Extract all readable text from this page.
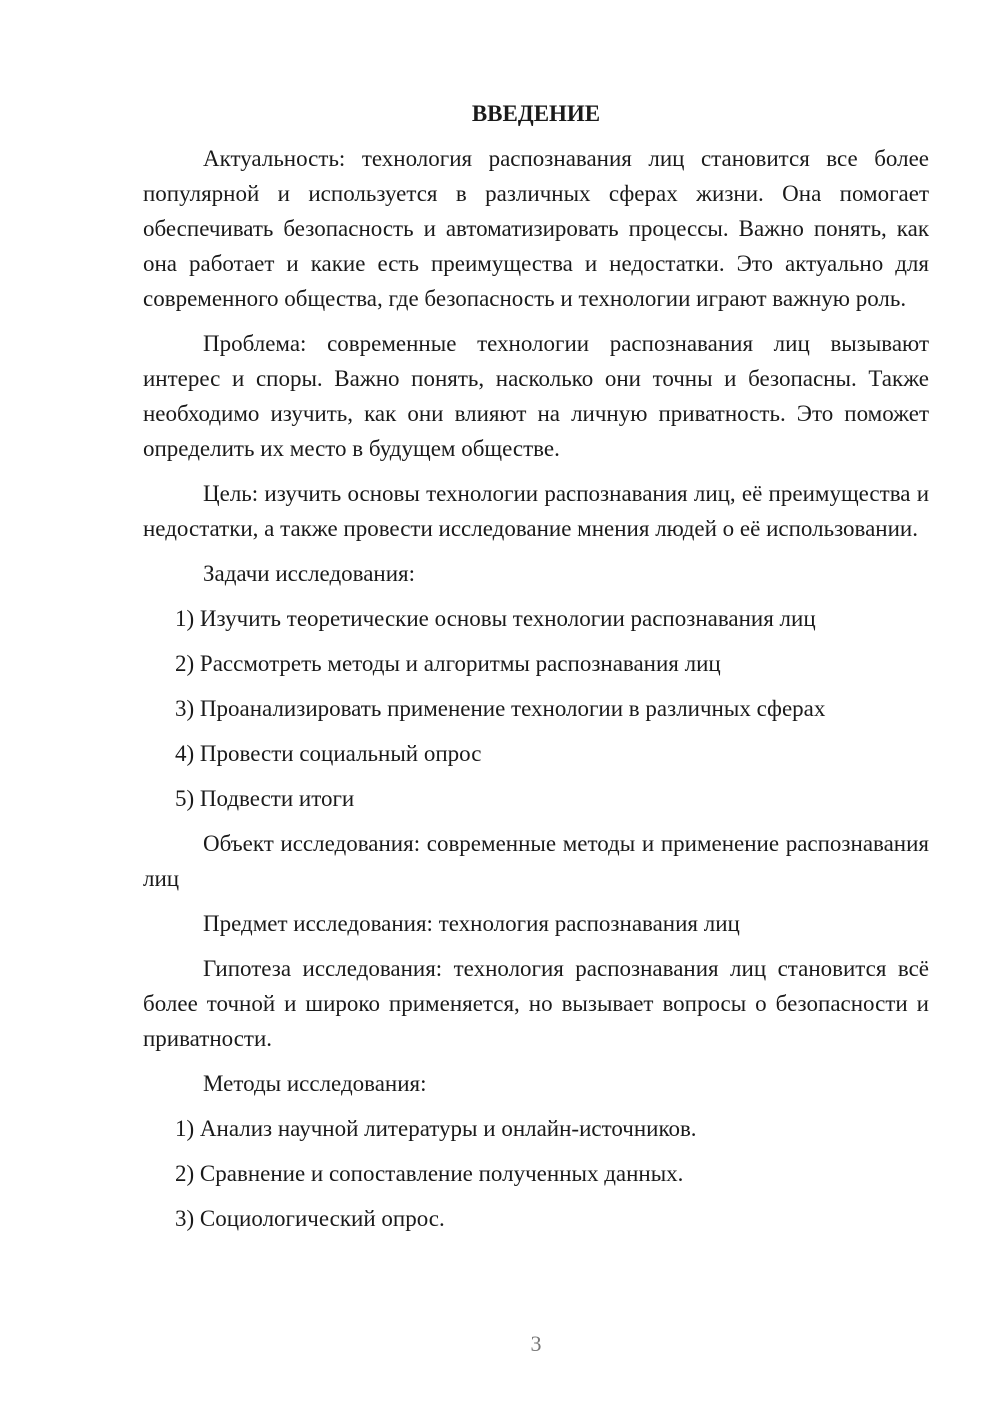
ВВЕДЕНИЕ
Актуальность: технология распознавания лиц становится все более популярной и используется в различных сферах жизни. Она помогает обеспечивать безопасность и автоматизировать процессы. Важно понять, как она работает и какие есть преимущества и недостатки. Это актуально для современного общества, где безопасность и технологии играют важную роль.
Проблема: современные технологии распознавания лиц вызывают интерес и споры. Важно понять, насколько они точны и безопасны. Также необходимо изучить, как они влияют на личную приватность. Это поможет определить их место в будущем обществе.
Цель: изучить основы технологии распознавания лиц, её преимущества и недостатки, а также провести исследование мнения людей о её использовании.
Задачи исследования:
1) Изучить теоретические основы технологии распознавания лиц
2) Рассмотреть методы и алгоритмы распознавания лиц
3) Проанализировать применение технологии в различных сферах
4) Провести социальный опрос
5) Подвести итоги
Объект исследования: современные методы и применение распознавания лиц
Предмет исследования: технология распознавания лиц
Гипотеза исследования: технология распознавания лиц становится всё более точной и широко применяется, но вызывает вопросы о безопасности и приватности.
Методы исследования:
1) Анализ научной литературы и онлайн-источников.
2) Сравнение и сопоставление полученных данных.
3) Социологический опрос.
3
